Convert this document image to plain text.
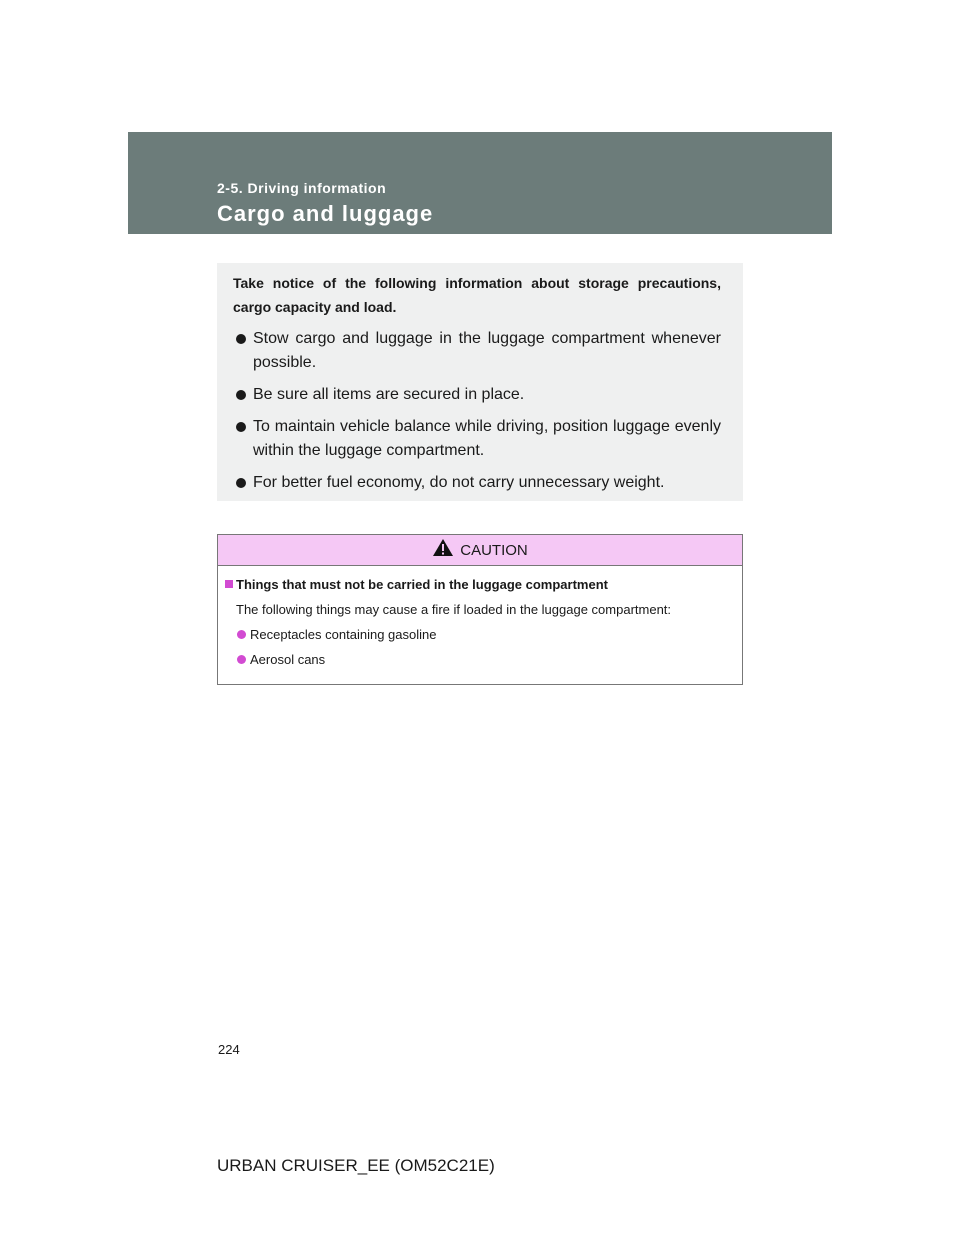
2-5. Driving information
Cargo and luggage

Take notice of the following information about storage precautions, cargo capacity and load.

Stow cargo and luggage in the luggage compartment whenever possible.
Be sure all items are secured in place.
To maintain vehicle balance while driving, position luggage evenly within the luggage compartment.
For better fuel economy, do not carry unnecessary weight.
CAUTION
Things that must not be carried in the luggage compartment
The following things may cause a fire if loaded in the luggage compartment:
Receptacles containing gasoline
Aerosol cans
224
URBAN CRUISER_EE (OM52C21E)
